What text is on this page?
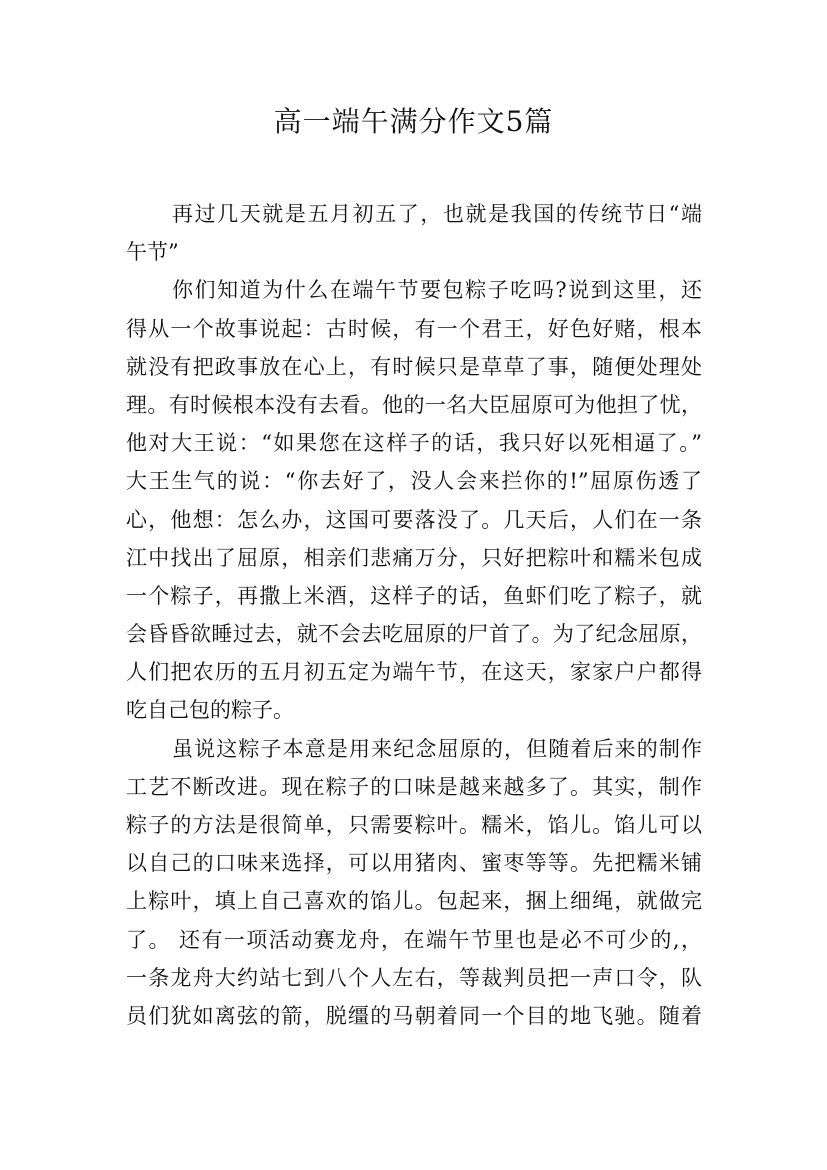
高一端午满分作文5篇
再过几天就是五月初五了，也就是我国的传统节日“端
午节”
你们知道为什么在端午节要包粽子吃吗?说到这里，还
得从一个故事说起：古时候，有一个君王，好色好赌，根本
就没有把政事放在心上，有时候只是草草了事，随便处理处
理。有时候根本没有去看。他的一名大臣屈原可为他担了忧，
他对大王说：“如果您在这样子的话，我只好以死相逼了。”
大王生气的说：“你去好了，没人会来拦你的!”屈原伤透了
心，他想：怎么办，这国可要落没了。几天后，人们在一条
江中找出了屈原，相亲们悲痛万分，只好把粽叶和糯米包成
一个粽子，再撒上米酒，这样子的话，鱼虾们吃了粽子，就
会昏昏欲睡过去，就不会去吃屈原的尸首了。为了纪念屈原，
人们把农历的五月初五定为端午节，在这天，家家户户都得
吃自己包的粽子。
虽说这粽子本意是用来纪念屈原的，但随着后来的制作
工艺不断改进。现在粽子的口味是越来越多了。其实，制作
粽子的方法是很简单，只需要粽叶。糯米，馅儿。馅儿可以
以自己的口味来选择，可以用猪肉、蜜枣等等。先把糯米铺
上粽叶，填上自己喜欢的馅儿。包起来，捆上细绳，就做完
了。 还有一项活动赛龙舟，在端午节里也是必不可少的,，
一条龙舟大约站七到八个人左右，等裁判员把一声口令，队
员们犹如离弦的箭，脱缰的马朝着同一个目的地飞驰。随着
